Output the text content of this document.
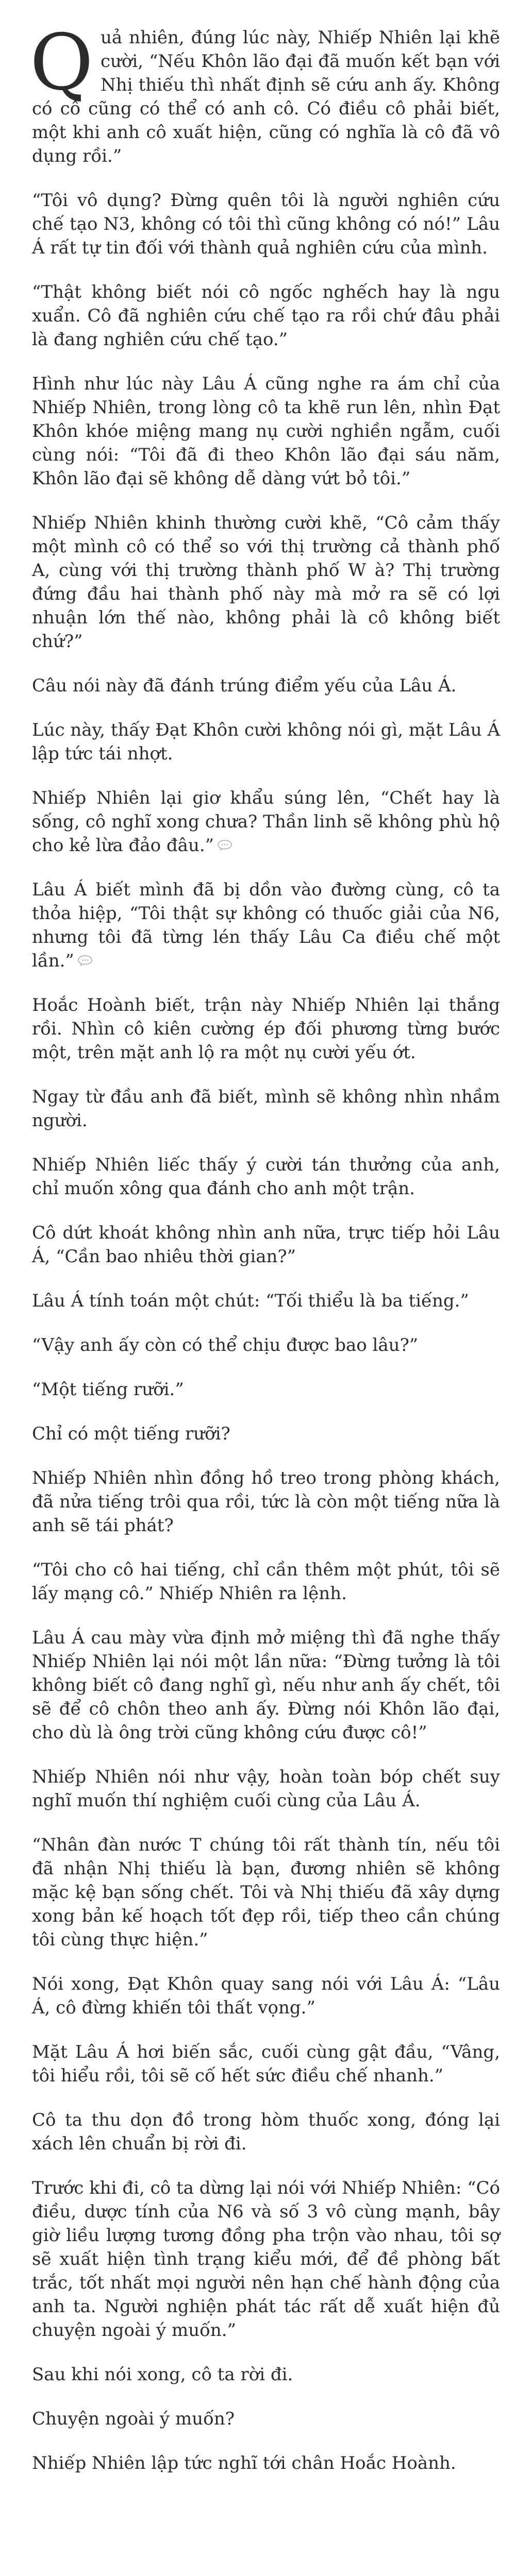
Quả nhiên, đúng lúc này, Nhiếp Nhiên lại khẽ cười, “Nếu Khôn lão đại đã muốn kết bạn với Nhị thiếu thì nhất định sẽ cứu anh ấy. Không có cô cũng có thể có anh cô. Có điều cô phải biết, một khi anh cô xuất hiện, cũng có nghĩa là cô đã vô dụng rồi.”

“Tôi vô dụng? Đừng quên tôi là người nghiên cứu chế tạo N3, không có tôi thì cũng không có nó!” Lâu Á rất tự tin đối với thành quả nghiên cứu của mình.

“Thật không biết nói cô ngốc nghếch hay là ngu xuẩn. Cô đã nghiên cứu chế tạo ra rồi chứ đâu phải là đang nghiên cứu chế tạo.”

Hình như lúc này Lâu Á cũng nghe ra ám chỉ của Nhiếp Nhiên, trong lòng cô ta khẽ run lên, nhìn Đạt Khôn khóe miệng mang nụ cười nghiền ngẫm, cuối cùng nói: “Tôi đã đi theo Khôn lão đại sáu năm, Khôn lão đại sẽ không dễ dàng vứt bỏ tôi.”

Nhiếp Nhiên khinh thường cười khẽ, “Cô cảm thấy một mình cô có thể so với thị trường cả thành phố A, cùng với thị trường thành phố W à? Thị trường đứng đầu hai thành phố này mà mở ra sẽ có lợi nhuận lớn thế nào, không phải là cô không biết chứ?”

Câu nói này đã đánh trúng điểm yếu của Lâu Á.

Lúc này, thấy Đạt Khôn cười không nói gì, mặt Lâu Á lập tức tái nhợt.

Nhiếp Nhiên lại giơ khẩu súng lên, “Chết hay là sống, cô nghĩ xong chưa? Thần linh sẽ không phù hộ cho kẻ lừa đảo đâu.”

Lâu Á biết mình đã bị dồn vào đường cùng, cô ta thỏa hiệp, “Tôi thật sự không có thuốc giải của N6, nhưng tôi đã từng lén thấy Lâu Ca điều chế một lần.”

Hoắc Hoành biết, trận này Nhiếp Nhiên lại thắng rồi. Nhìn cô kiên cường ép đối phương từng bước một, trên mặt anh lộ ra một nụ cười yếu ớt.

Ngay từ đầu anh đã biết, mình sẽ không nhìn nhầm người.

Nhiếp Nhiên liếc thấy ý cười tán thưởng của anh, chỉ muốn xông qua đánh cho anh một trận.

Cô dứt khoát không nhìn anh nữa, trực tiếp hỏi Lâu Á, “Cần bao nhiêu thời gian?”

Lâu Á tính toán một chút: “Tối thiểu là ba tiếng.”

“Vậy anh ấy còn có thể chịu được bao lâu?”

“Một tiếng rưỡi.”

Chỉ có một tiếng rưỡi?

Nhiếp Nhiên nhìn đồng hồ treo trong phòng khách, đã nửa tiếng trôi qua rồi, tức là còn một tiếng nữa là anh sẽ tái phát?

“Tôi cho cô hai tiếng, chỉ cần thêm một phút, tôi sẽ lấy mạng cô.” Nhiếp Nhiên ra lệnh.

Lâu Á cau mày vừa định mở miệng thì đã nghe thấy Nhiếp Nhiên lại nói một lần nữa: “Đừng tưởng là tôi không biết cô đang nghĩ gì, nếu như anh ấy chết, tôi sẽ để cô chôn theo anh ấy. Đừng nói Khôn lão đại, cho dù là ông trời cũng không cứu được cô!”

Nhiếp Nhiên nói như vậy, hoàn toàn bóp chết suy nghĩ muốn thí nghiệm cuối cùng của Lâu Á.

“Nhân đàn nước T chúng tôi rất thành tín, nếu tôi đã nhận Nhị thiếu là bạn, đương nhiên sẽ không mặc kệ bạn sống chết. Tôi và Nhị thiếu đã xây dựng xong bản kế hoạch tốt đẹp rồi, tiếp theo cần chúng tôi cùng thực hiện.”

Nói xong, Đạt Khôn quay sang nói với Lâu Á: “Lâu Á, cô đừng khiến tôi thất vọng.”

Mặt Lâu Á hơi biến sắc, cuối cùng gật đầu, “Vâng, tôi hiểu rồi, tôi sẽ cố hết sức điều chế nhanh.”

Cô ta thu dọn đồ trong hòm thuốc xong, đóng lại xách lên chuẩn bị rời đi.

Trước khi đi, cô ta dừng lại nói với Nhiếp Nhiên: “Có điều, dược tính của N6 và số 3 vô cùng mạnh, bây giờ liều lượng tương đồng pha trộn vào nhau, tôi sợ sẽ xuất hiện tình trạng kiểu mới, để đề phòng bất trắc, tốt nhất mọi người nên hạn chế hành động của anh ta. Người nghiện phát tác rất dễ xuất hiện đủ chuyện ngoài ý muốn.”

Sau khi nói xong, cô ta rời đi.

Chuyện ngoài ý muốn?

Nhiếp Nhiên lập tức nghĩ tới chân Hoắc Hoành.
